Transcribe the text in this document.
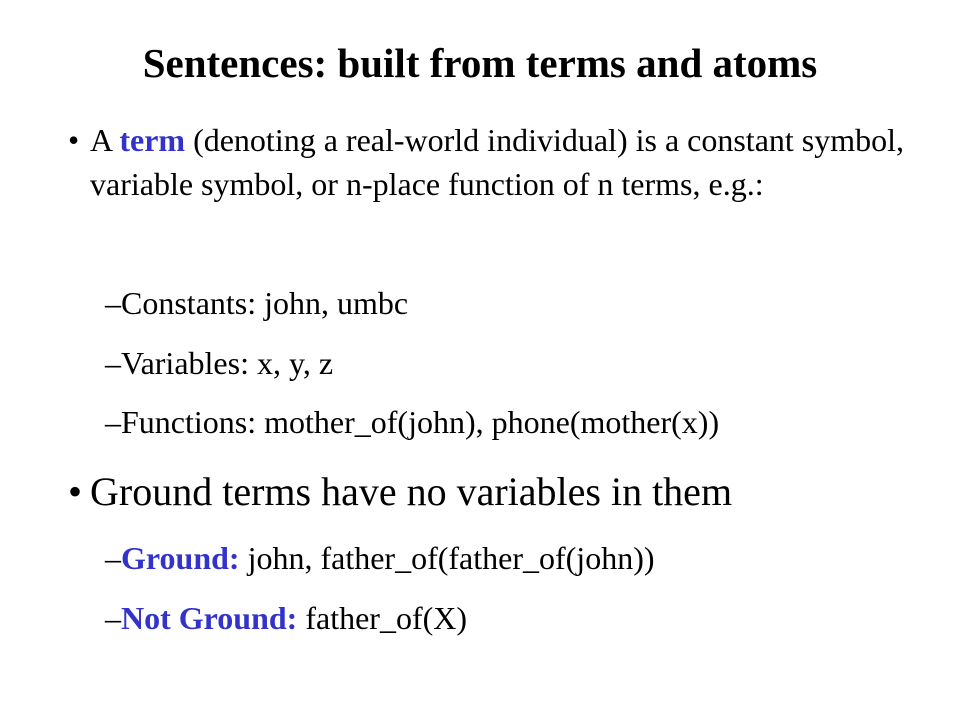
Sentences: built from terms and atoms
• A term (denoting a real-world individual) is a constant symbol, variable symbol, or n-place function of n terms, e.g.:
–Constants: john, umbc
–Variables: x, y, z
–Functions: mother_of(john), phone(mother(x))
• Ground terms have no variables in them
–Ground: john, father_of(father_of(john))
–Not Ground: father_of(X)
